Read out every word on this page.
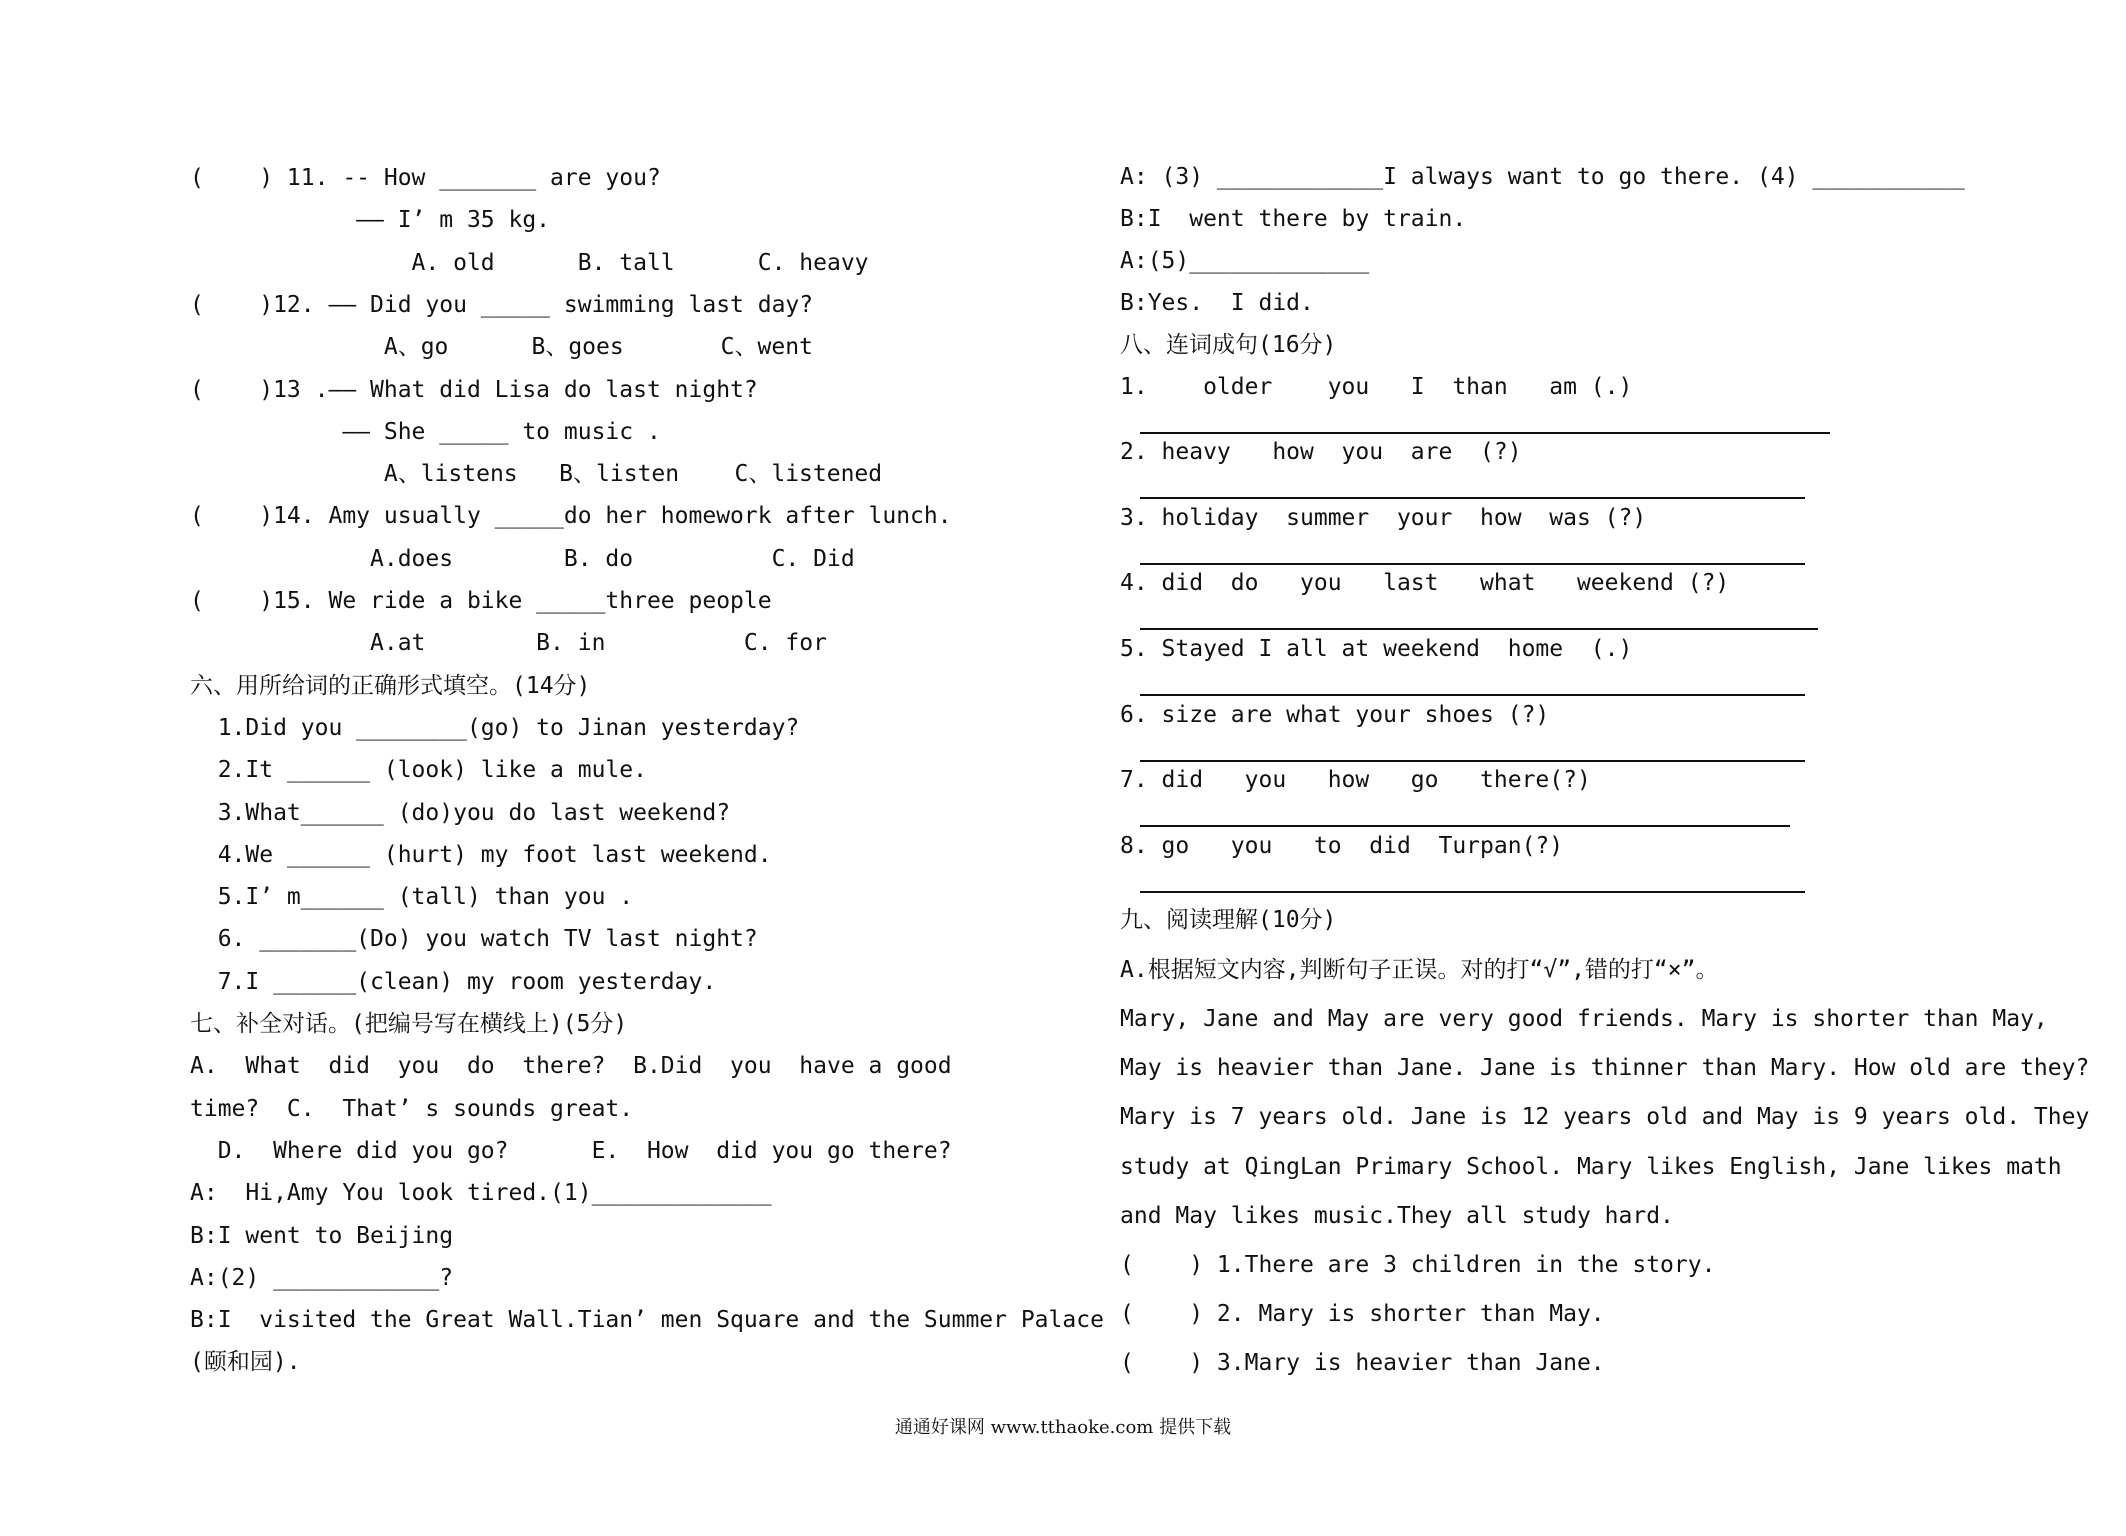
(    ) 11. -- How _______ are you?
—— I’ m 35 kg.
A. old      B. tall      C. heavy
(    )12. —— Did you _____ swimming last day?
A、go      B、goes       C、went
(    )13 .—— What did Lisa do last night?
—— She _____ to music .
A、listens   B、listen    C、listened
(    )14. Amy usually _____do her homework after lunch.
A.does        B. do          C. Did
(    )15. We ride a bike _____three people
A.at        B. in          C. for
六、用所给词的正确形式填空。(14分)
1.Did you ________(go) to Jinan yesterday?
2.It ______ (look) like a mule.
3.What______ (do)you do last weekend?
4.We ______ (hurt) my foot last weekend.
5.I’ m______ (tall) than you .
6. _______(Do) you watch TV last night?
7.I ______(clean) my room yesterday.
七、补全对话。(把编号写在横线上)(5分)
A.  What  did  you  do  there?  B.Did  you  have a good
time?  C.  That’ s sounds great.
D.  Where did you go?      E.  How  did you go there?
A:  Hi,Amy You look tired.(1)_____________
B:I went to Beijing
A:(2) ____________?
B:I  visited the Great Wall.Tian’ men Square and the Summer Palace
(颐和园).
A: (3) ____________I always want to go there. (4) ___________
B:I  went there by train.
A:(5)_____________
B:Yes.  I did.
八、连词成句(16分)
1.    older    you   I  than   am (.)
2. heavy   how  you  are  (?)
3. holiday  summer  your  how  was (?)
4. did  do   you   last   what   weekend (?)
5. Stayed I all at weekend  home  (.)
6. size are what your shoes (?)
7. did   you   how   go   there(?)
8. go   you   to  did  Turpan(?)
九、阅读理解(10分)
A.根据短文内容,判断句子正误。对的打“√”,错的打“×”。
Mary, Jane and May are very good friends. Mary is shorter than May,
May is heavier than Jane. Jane is thinner than Mary. How old are they?
Mary is 7 years old. Jane is 12 years old and May is 9 years old. They
study at QingLan Primary School. Mary likes English, Jane likes math
and May likes music.They all study hard.
(    ) 1.There are 3 children in the story.
(    ) 2. Mary is shorter than May.
(    ) 3.Mary is heavier than Jane.
通通好课网 www.tthaoke.com 提供下载
